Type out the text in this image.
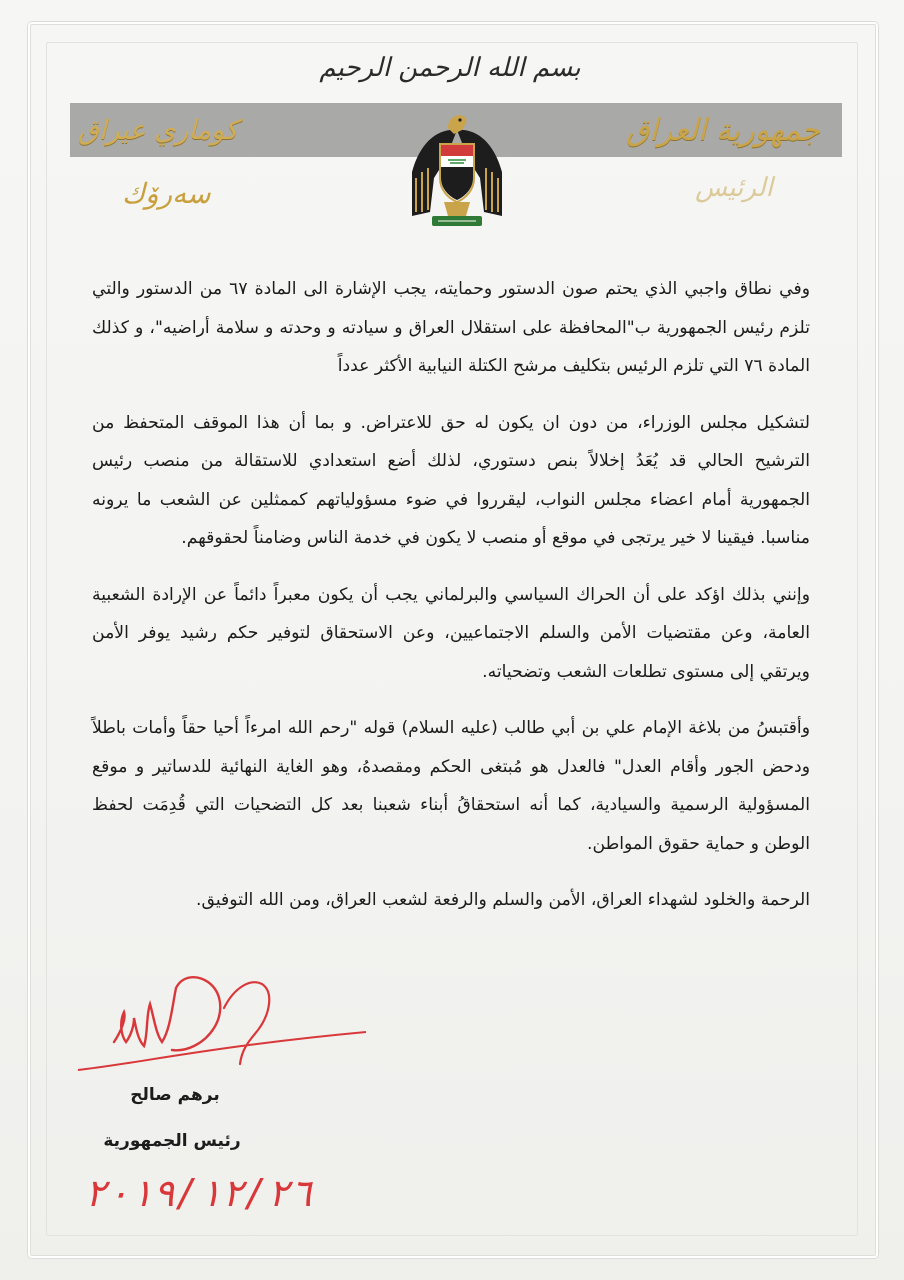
بسم الله الرحمن الرحيم
جمهورية العراق
كوماري عيراق
الرئيس
سەرۆك

وفي نطاق واجبي الذي يحتم صون الدستور وحمايته، يجب الإشارة الى المادة ٦٧ من الدستور والتي تلزم رئيس الجمهورية ب"المحافظة على استقلال العراق و سيادته و وحدته و سلامة أراضيه"، و كذلك المادة ٧٦ التي تلزم الرئيس بتكليف مرشح الكتلة النيابية الأكثر عدداً

لتشكيل مجلس الوزراء، من دون ان يكون له حق للاعتراض. و بما أن هذا الموقف المتحفظ من الترشيح الحالي قد يُعَدُ إخلالاً بنص دستوري، لذلك أضع استعدادي للاستقالة من منصب رئيس الجمهورية أمام اعضاء مجلس النواب، ليقرروا في ضوء مسؤولياتهم كممثلين عن الشعب ما يرونه مناسبا. فيقينا لا خير يرتجى في موقع أو منصب لا يكون في خدمة الناس وضامناً لحقوقهم.

وإنني بذلك اؤكد على أن الحراك السياسي والبرلماني يجب أن يكون معبراً دائماً عن الإرادة الشعبية العامة، وعن مقتضيات الأمن والسلم الاجتماعيين، وعن الاستحقاق لتوفير حكم رشيد يوفر الأمن ويرتقي إلى مستوى تطلعات الشعب وتضحياته.

وأقتبسُ من بلاغة الإمام علي بن أبي طالب (عليه السلام) قوله "رحم الله امرءاً أحيا حقاً وأمات باطلاً ودحض الجور وأقام العدل" فالعدل هو مُبتغى الحكم ومقصدهُ، وهو الغاية النهائية للدساتير و موقع المسؤولية الرسمية والسيادية، كما أنه استحقاقُ أبناء شعبنا بعد كل التضحيات التي قُدِمَت لحفظ الوطن و حماية حقوق المواطن.

الرحمة والخلود لشهداء العراق، الأمن والسلم والرفعة لشعب العراق، ومن الله التوفيق.

برهم صالح
رئيس الجمهورية
٢٠١٩/١٢/٢٦
